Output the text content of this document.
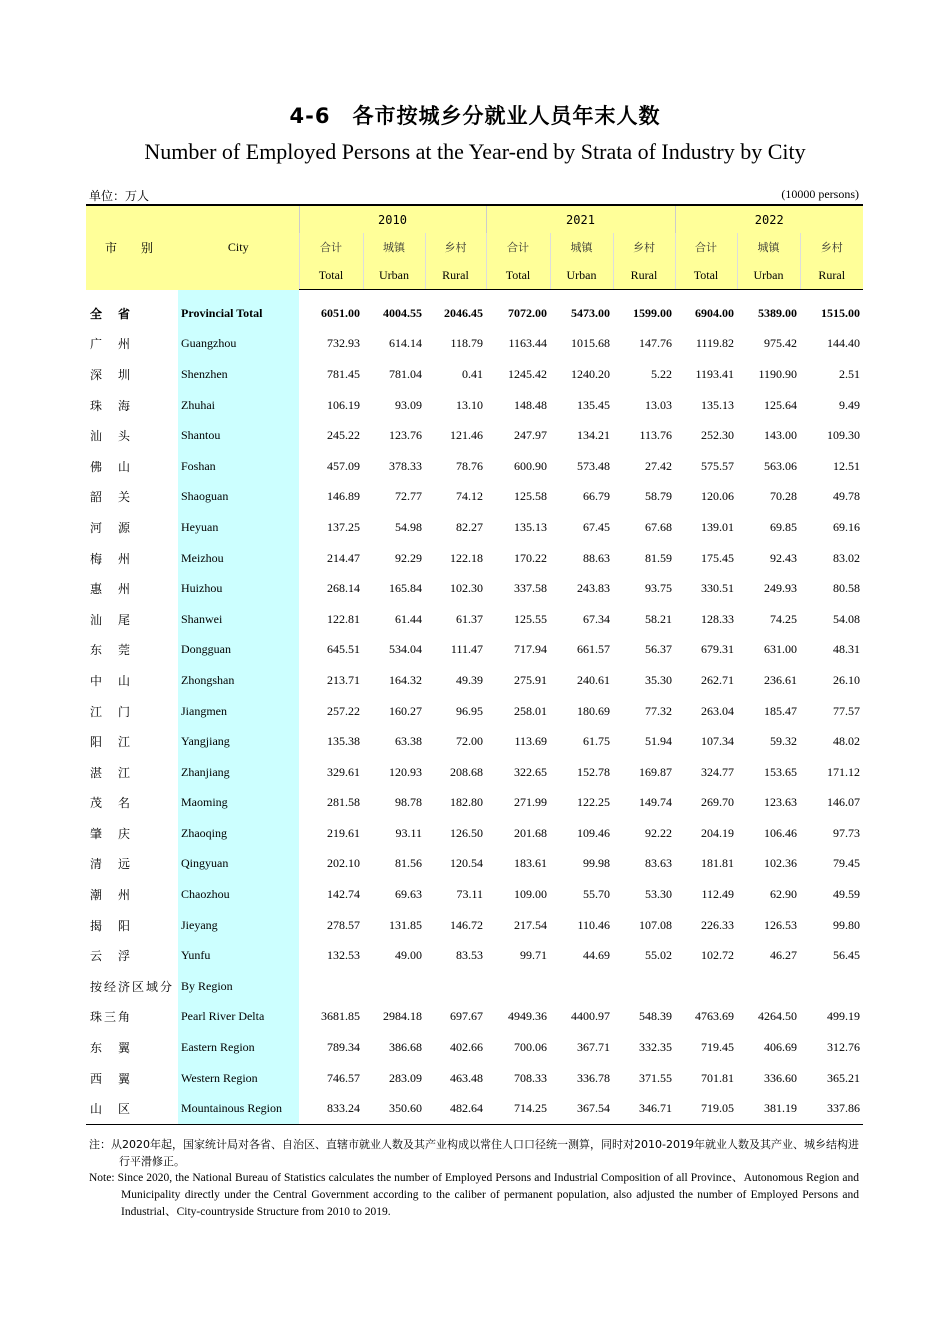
4-6　各市按城乡分就业人员年末人数
Number of Employed Persons at the Year-end by Strata of Industry by City
单位：万人	(10000 persons)
市　别	City	2010			2021			2022		
		合计	城镇	乡村	合计	城镇	乡村	合计	城镇	乡村
		Total	Urban	Rural	Total	Urban	Rural	Total	Urban	Rural

全　省	Provincial Total	6051.00	4004.55	2046.45	7072.00	5473.00	1599.00	6904.00	5389.00	1515.00
广　州	Guangzhou	732.93	614.14	118.79	1163.44	1015.68	147.76	1119.82	975.42	144.40
深　圳	Shenzhen	781.45	781.04	0.41	1245.42	1240.20	5.22	1193.41	1190.90	2.51
珠　海	Zhuhai	106.19	93.09	13.10	148.48	135.45	13.03	135.13	125.64	9.49
汕　头	Shantou	245.22	123.76	121.46	247.97	134.21	113.76	252.30	143.00	109.30
佛　山	Foshan	457.09	378.33	78.76	600.90	573.48	27.42	575.57	563.06	12.51
韶　关	Shaoguan	146.89	72.77	74.12	125.58	66.79	58.79	120.06	70.28	49.78
河　源	Heyuan	137.25	54.98	82.27	135.13	67.45	67.68	139.01	69.85	69.16
梅　州	Meizhou	214.47	92.29	122.18	170.22	88.63	81.59	175.45	92.43	83.02
惠　州	Huizhou	268.14	165.84	102.30	337.58	243.83	93.75	330.51	249.93	80.58
汕　尾	Shanwei	122.81	61.44	61.37	125.55	67.34	58.21	128.33	74.25	54.08
东　莞	Dongguan	645.51	534.04	111.47	717.94	661.57	56.37	679.31	631.00	48.31
中　山	Zhongshan	213.71	164.32	49.39	275.91	240.61	35.30	262.71	236.61	26.10
江　门	Jiangmen	257.22	160.27	96.95	258.01	180.69	77.32	263.04	185.47	77.57
阳　江	Yangjiang	135.38	63.38	72.00	113.69	61.75	51.94	107.34	59.32	48.02
湛　江	Zhanjiang	329.61	120.93	208.68	322.65	152.78	169.87	324.77	153.65	171.12
茂　名	Maoming	281.58	98.78	182.80	271.99	122.25	149.74	269.70	123.63	146.07
肇　庆	Zhaoqing	219.61	93.11	126.50	201.68	109.46	92.22	204.19	106.46	97.73
清　远	Qingyuan	202.10	81.56	120.54	183.61	99.98	83.63	181.81	102.36	79.45
潮　州	Chaozhou	142.74	69.63	73.11	109.00	55.70	53.30	112.49	62.90	49.59
揭　阳	Jieyang	278.57	131.85	146.72	217.54	110.46	107.08	226.33	126.53	99.80
云　浮	Yunfu	132.53	49.00	83.53	99.71	44.69	55.02	102.72	46.27	56.45
按经济区域分	By Region									
珠三角	Pearl River Delta	3681.85	2984.18	697.67	4949.36	4400.97	548.39	4763.69	4264.50	499.19
东　翼	Eastern Region	789.34	386.68	402.66	700.06	367.71	332.35	719.45	406.69	312.76
西　翼	Western Region	746.57	283.09	463.48	708.33	336.78	371.55	701.81	336.60	365.21
山　区	Mountainous Region	833.24	350.60	482.64	714.25	367.54	346.71	719.05	381.19	337.86
注：从2020年起，国家统计局对各省、自治区、直辖市就业人数及其产业构成以常住人口口径统一测算，同时对2010-2019年就业人数及其产业、城乡结构进行平滑修正。
Note: Since 2020, the National Bureau of Statistics calculates the number of Employed Persons and Industrial Composition of all Province、Autonomous Region and Municipality directly under the Central Government according to the caliber of permanent population, also adjusted the number of Employed Persons and Industrial、City-countryside Structure from 2010 to 2019.
